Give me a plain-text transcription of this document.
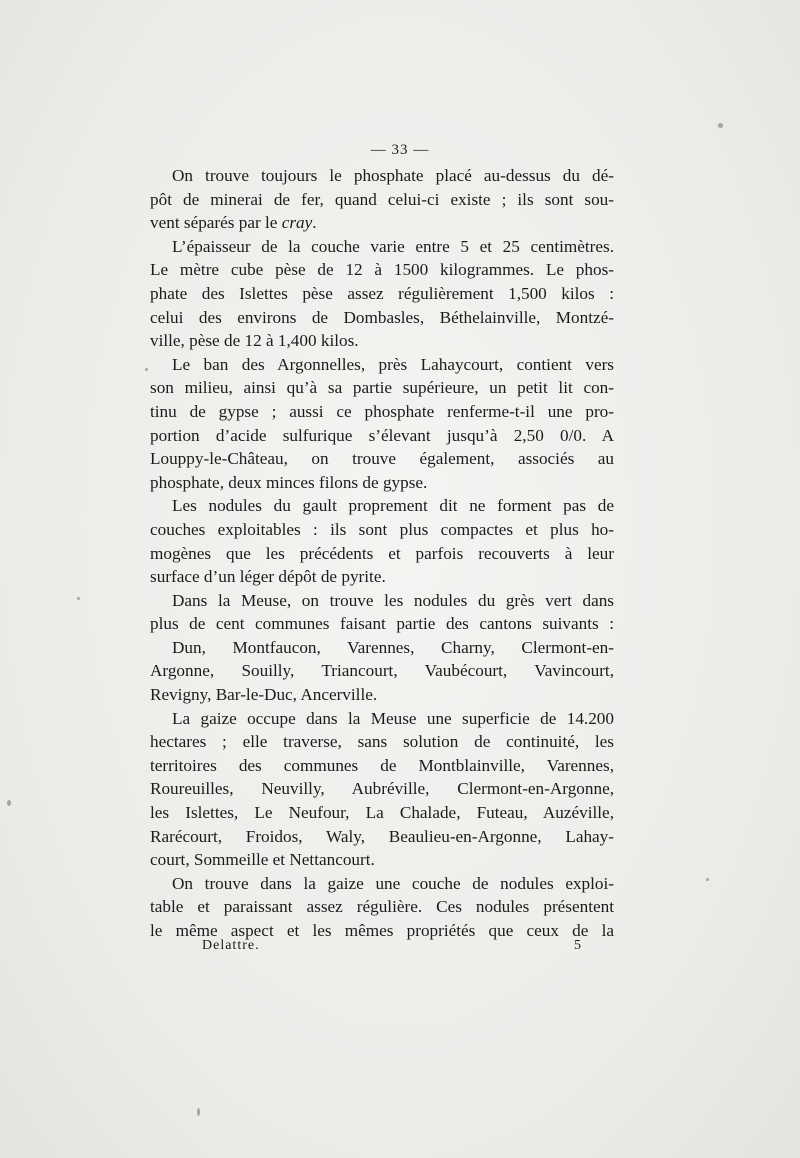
— 33 —

On trouve toujours le phosphate placé au-dessus du dé-

pôt de minerai de fer, quand celui-ci existe ; ils sont sou-

vent séparés par le cray.

L’épaisseur de la couche varie entre 5 et 25 centimètres.

Le mètre cube pèse de 12 à 1500 kilogrammes. Le phos-

phate des Islettes pèse assez régulièrement 1,500 kilos :

celui des environs de Dombasles, Béthelainville, Montzé-

ville, pèse de 12 à 1,400 kilos.

Le ban des Argonnelles, près Lahaycourt, contient vers

son milieu, ainsi qu’à sa partie supérieure, un petit lit con-

tinu de gypse ; aussi ce phosphate renferme-t-il une pro-

portion d’acide sulfurique s’élevant jusqu’à 2,50 0/0. A

Louppy-le-Château, on trouve également, associés au

phosphate, deux minces filons de gypse.

Les nodules du gault proprement dit ne forment pas de

couches exploitables : ils sont plus compactes et plus ho-

mogènes que les précédents et parfois recouverts à leur

surface d’un léger dépôt de pyrite.

Dans la Meuse, on trouve les nodules du grès vert dans

plus de cent communes faisant partie des cantons suivants :

Dun, Montfaucon, Varennes, Charny, Clermont-en-

Argonne, Souilly, Triancourt, Vaubécourt, Vavincourt,

Revigny, Bar-le-Duc, Ancerville.

La gaize occupe dans la Meuse une superficie de 14.200

hectares ; elle traverse, sans solution de continuité, les

territoires des communes de Montblainville, Varennes,

Roureuilles, Neuvilly, Aubréville, Clermont-en-Argonne,

les Islettes, Le Neufour, La Chalade, Futeau, Auzéville,

Rarécourt, Froidos, Waly, Beaulieu-en-Argonne, Lahay-

court, Sommeille et Nettancourt.

On trouve dans la gaize une couche de nodules exploi-

table et paraissant assez régulière. Ces nodules présentent

le même aspect et les mêmes propriétés que ceux de la

Delattre.	5
